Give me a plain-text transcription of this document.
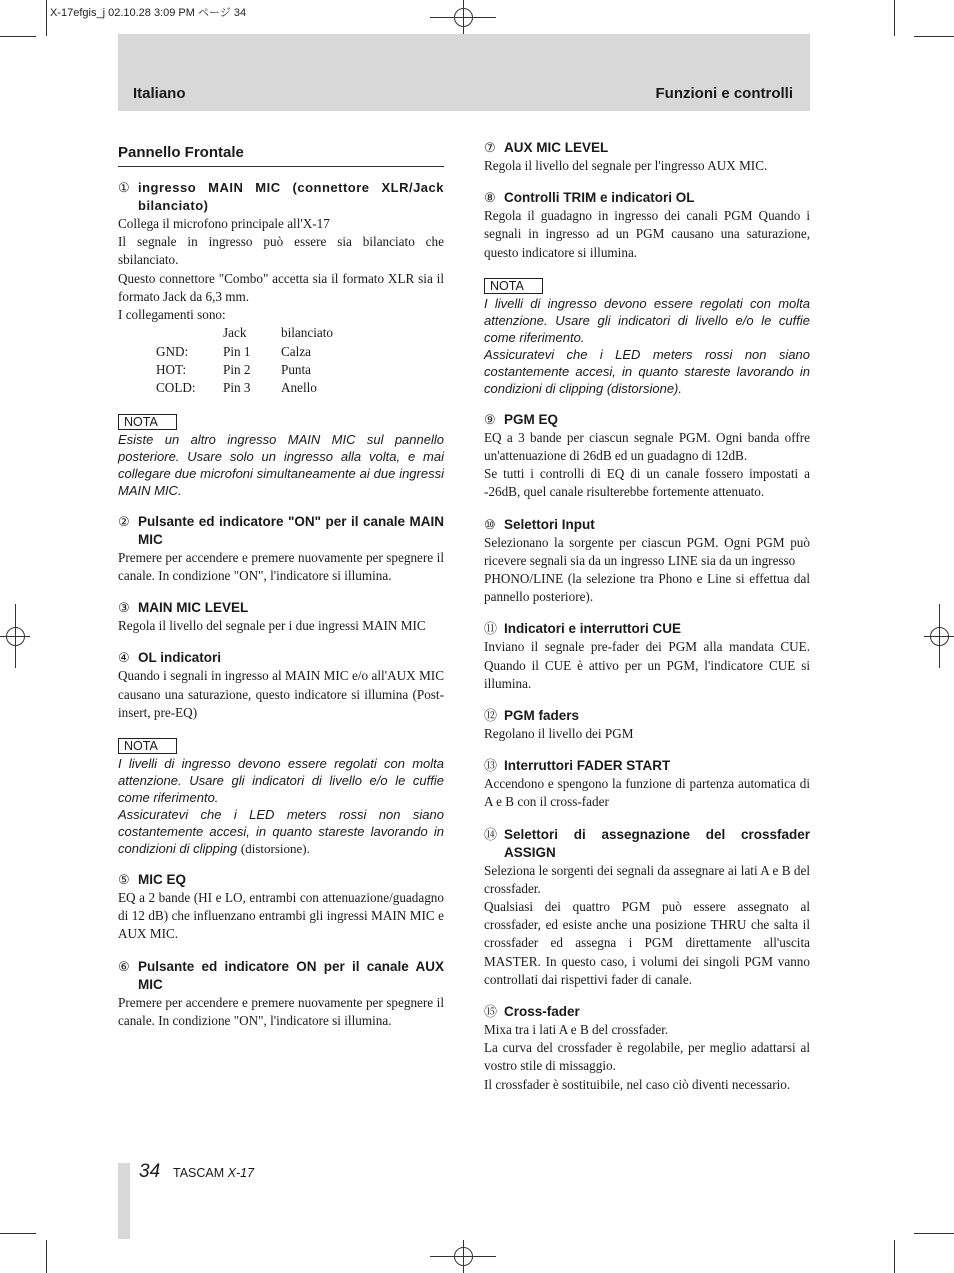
X-17efgis_j 02.10.28 3:09 PM ページ 34
Italiano	Funzioni e controlli
Pannello Frontale
① ingresso MAIN MIC (connettore XLR/Jack bilanciato)
Collega il microfono principale all'X-17
Il segnale in ingresso può essere sia bilanciato che sbilanciato.
Questo connettore "Combo" accetta sia il formato XLR sia il formato Jack da 6,3 mm.
I collegamenti sono:
	Jack	bilanciato
GND:	Pin 1	Calza
HOT:	Pin 2	Punta
COLD:	Pin 3	Anello
NOTA
Esiste un altro ingresso MAIN MIC sul pannello posteriore. Usare solo un ingresso alla volta, e mai collegare due microfoni simultaneamente ai due ingressi MAIN MIC.
② Pulsante ed indicatore "ON" per il canale MAIN MIC
Premere per accendere e premere nuovamente per spegnere il canale. In condizione "ON", l'indicatore si illumina.
③ MAIN MIC LEVEL
Regola il livello del segnale per i due ingressi MAIN MIC
④ OL indicatori
Quando i segnali in ingresso al MAIN MIC e/o all'AUX MIC causano una saturazione, questo indicatore si illumina (Post-insert, pre-EQ)
NOTA
I livelli di ingresso devono essere regolati con molta attenzione. Usare gli indicatori di livello e/o le cuffie come riferimento.
Assicuratevi che i LED meters rossi non siano costantemente accesi, in quanto stareste lavorando in condizioni di clipping (distorsione).
⑤ MIC EQ
EQ a 2 bande (HI e LO, entrambi con attenuazione/guadagno di 12 dB) che influenzano entrambi gli ingressi MAIN MIC e AUX MIC.
⑥ Pulsante ed indicatore ON per il canale AUX MIC
Premere per accendere e premere nuovamente per spegnere il canale. In condizione "ON", l'indicatore si illumina.
⑦ AUX MIC LEVEL
Regola il livello del segnale per l'ingresso AUX MIC.
⑧ Controlli TRIM e indicatori OL
Regola il guadagno in ingresso dei canali PGM Quando i segnali in ingresso ad un PGM causano una saturazione, questo indicatore si illumina.
NOTA
I livelli di ingresso devono essere regolati con molta attenzione. Usare gli indicatori di livello e/o le cuffie come riferimento.
Assicuratevi che i LED meters rossi non siano costantemente accesi, in quanto stareste lavorando in condizioni di clipping (distorsione).
⑨ PGM EQ
EQ a 3 bande per ciascun segnale PGM. Ogni banda offre un'attenuazione di 26dB ed un guadagno di 12dB.
Se tutti i controlli di EQ di un canale fossero impostati a -26dB, quel canale risulterebbe fortemente attenuato.
⑩ Selettori Input
Selezionano la sorgente per ciascun PGM. Ogni PGM può ricevere segnali sia da un ingresso LINE sia da un ingresso
PHONO/LINE (la selezione tra Phono e Line si effettua dal pannello posteriore).
⑪ Indicatori e interruttori CUE
Inviano il segnale pre-fader dei PGM alla mandata CUE. Quando il CUE è attivo per un PGM, l'indicatore CUE si illumina.
⑫ PGM faders
Regolano il livello dei PGM
⑬ Interruttori FADER START
Accendono e spengono la funzione di partenza automatica di A e B con il cross-fader
⑭ Selettori di assegnazione del crossfader ASSIGN
Seleziona le sorgenti dei segnali da assegnare ai lati A e B del crossfader.
Qualsiasi dei quattro PGM può essere assegnato al crossfader, ed esiste anche una posizione THRU che salta il crossfader ed assegna i PGM direttamente all'uscita MASTER. In questo caso, i volumi dei singoli PGM vanno controllati dai rispettivi fader di canale.
⑮ Cross-fader
Mixa tra i lati A e B del crossfader.
La curva del crossfader è regolabile, per meglio adattarsi al vostro stile di missaggio.
Il crossfader è sostituibile, nel caso ciò diventi necessario.
34 TASCAM X-17
